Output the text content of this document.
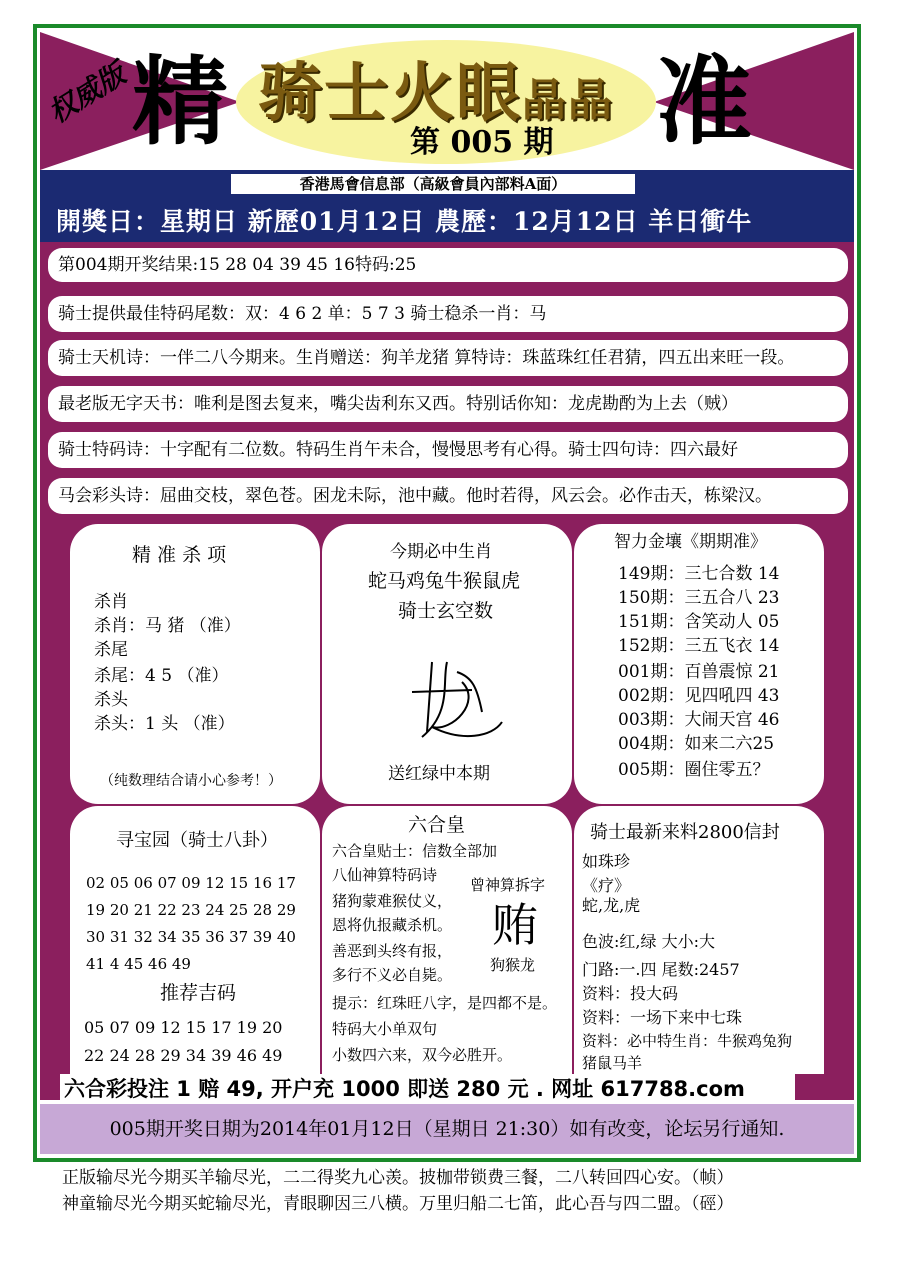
权威版 精	准
骑士火眼晶晶
第 005 期
開獎日：星期日 新歷01月12日 農歷：12月12日 羊日衝牛
香港馬會信息部（高級會員內部料A面）
第004期开奖结果:15 28 04 39 45 16特码:25
骑士提供最佳特码尾数：双：4 6 2 单：5 7 3 骑士稳杀一肖：马
骑士天机诗：一伴二八今期来。生肖赠送：狗羊龙猪 算特诗：珠蓝珠红任君猜，四五出来旺一段。
最老版无字天书：唯利是图去复来，嘴尖齿利东又西。特别话你知：龙虎勘酌为上去（贼）
骑士特码诗：十字配有二位数。特码生肖午未合，慢慢思考有心得。骑士四句诗：四六最好
马会彩头诗：屈曲交枝，翠色苍。困龙未际，池中藏。他时若得，风云会。必作击天，栋梁汉。
精 准 杀 项
杀肖
杀肖：马 猪 （准）
杀尾
杀尾：4 5 （准）
杀头
杀头：1 头 （准）
（纯数理结合请小心参考！）
今期必中生肖
蛇马鸡兔牛猴鼠虎
骑士玄空数
送红绿中本期
智力金壤《期期准》
149期：三七合数 14
150期：三五合八 23
151期：含笑动人 05
152期：三五飞衣 14
001期：百兽震惊 21
002期：见四吼四 43
003期：大闹天宫 46
004期：如来二六25
005期：圈住零五？
寻宝园（骑士八卦）
02 05 06 07 09 12 15 16 17
19 20 21 22 23 24 25 28 29
30 31 32 34 35 36 37 39 40
41 4 45 46 49
推荐吉码
05 07 09 12 15 17 19 20
22 24 28 29 34 39 46 49
六合皇
六合皇贴士：信数全部加
八仙神算特码诗
猪狗蒙难猴仗义，
恩将仇报藏杀机。
善恶到头终有报，
多行不义必自毙。
提示：红珠旺八字，是四都不是。
特码大小单双句
小数四六来，双今必胜开。
曾神算拆字
贿
狗猴龙
骑士最新来料2800信封
如珠珍
《疗》
蛇,龙,虎
色波:红,绿 大小:大
门路:一.四 尾数:2457
资料：投大码
资料：一场下来中七珠
资料：必中特生肖：牛猴鸡兔狗
猪鼠马羊
六合彩投注 1 赔 49, 开户充 1000 即送 280 元 . 网址 617788.com
005期开奖日期为2014年01月12日（星期日 21:30）如有改变，论坛另行通知.
正版输尽光今期买羊输尽光，二二得奖九心羡。披枷带锁费三餐，二八转回四心安。（帧）
神童输尽光今期买蛇输尽光，青眼聊因三八横。万里归船二七笛，此心吾与四二盟。（硜）
